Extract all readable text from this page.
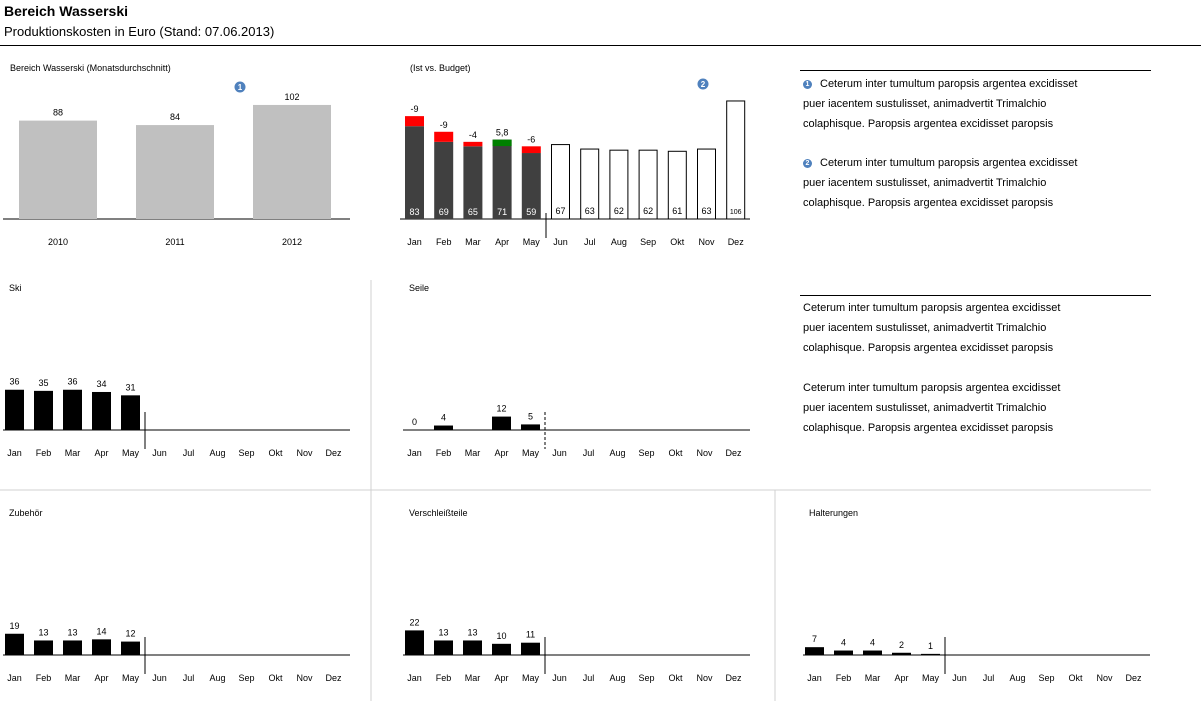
Bereich Wasserski
Produktionskosten in Euro (Stand: 07.06.2013)
Bereich Wasserski (Monatsdurchschnitt)
1
88
2010
84
2011
102
2012
(Ist vs. Budget)
2
83
-9
Jan
69
-9
Feb
65
-4
Mar
71
5,8
Apr
59
-6
May
67
Jun
63
Jul
62
Aug
62
Sep
61
Okt
63
Nov
106
Dez
Ski
36
Jan
35
Feb
36
Mar
34
Apr
31
May Jun Jul Aug Sep Okt Nov Dez
Seile
0
Jan
4
Feb Mar
12
Apr
5
May Jun Jul Aug Sep Okt Nov Dez
Zubehör
19
Jan
13
Feb
13
Mar
14
Apr
12
May Jun Jul Aug Sep Okt Nov Dez
Verschleißteile
22
Jan
13
Feb
13
Mar
10
Apr
11
May Jun Jul Aug Sep Okt Nov Dez
Halterungen
7
Jan
4
Feb
4
Mar
2
Apr
1
May Jun Jul Aug Sep Okt Nov Dez
1 Ceterum inter tumultum paropsis argentea excidisset
puer iacentem sustulisset, animadvertit Trimalchio
colaphisque. Paropsis argentea excidisset paropsis
2 Ceterum inter tumultum paropsis argentea excidisset
puer iacentem sustulisset, animadvertit Trimalchio
colaphisque. Paropsis argentea excidisset paropsis
Ceterum inter tumultum paropsis argentea excidisset
puer iacentem sustulisset, animadvertit Trimalchio
colaphisque. Paropsis argentea excidisset paropsis
Ceterum inter tumultum paropsis argentea excidisset
puer iacentem sustulisset, animadvertit Trimalchio
colaphisque. Paropsis argentea excidisset paropsis
